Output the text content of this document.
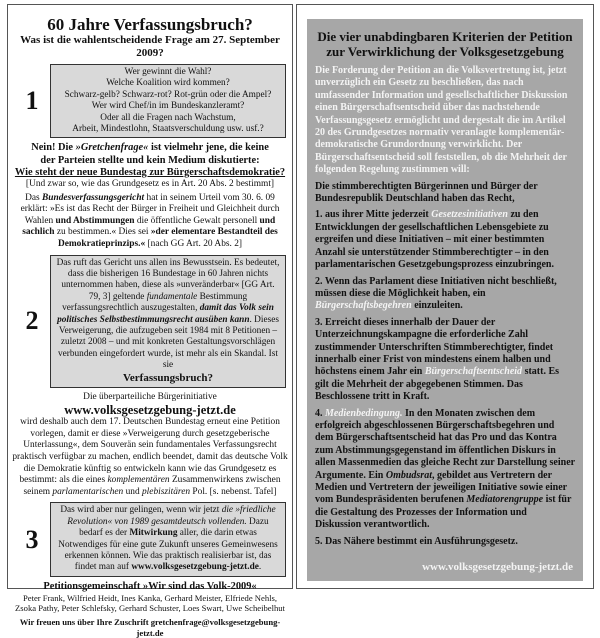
60 Jahre Verfassungsbruch?

Was ist die wahlentscheidende Frage am 27. September 2009?

1
Wer gewinnt die Wahl?
Welche Koalition wird kommen?
Schwarz-gelb? Schwarz-rot? Rot-grün oder die Ampel?
Wer wird Chef/in im Bundeskanzleramt?
Oder all die Fragen nach Wachstum,
Arbeit, Mindestlohn, Staatsverschuldung usw. usf.?

Nein! Die »Gretchenfrage« ist vielmehr jene, die keine der Parteien stellte und kein Medium diskutierte:

Wie steht der neue Bundestag zur Bürgerschaftsdemokratie?

[Und zwar so, wie das Grundgesetz es in Art. 20 Abs. 2 bestimmt]

Das Bundesverfassungsgericht hat in seinem Urteil vom 30. 6. 09 erklärt: »Es ist das Recht der Bürger in Freiheit und Gleichheit durch Wahlen und Abstimmungen die öffentliche Gewalt personell und sachlich zu bestimmen.« Dies sei »der elementare Bestandteil des Demokratieprinzips.« [nach GG Art. 20 Abs. 2]

2
Das ruft das Gericht uns allen ins Bewusstsein. Es bedeutet, dass die bisherigen 16 Bundestage in 60 Jahren nichts unternommen haben, diese als »unveränderbar« [GG Art. 79, 3] geltende fundamentale Bestimmung verfassungsrechtlich auszugestalten, damit das Volk sein politisches Selbstbestimmungsrecht ausüben kann. Dieses Verweigerung, die aufzugeben seit 1984 mit 8 Petitionen – zuletzt 2008 – und mit konkreten Gestaltungsvorschlägen verbunden eingefordert wurde, ist mehr als ein Skandal. Ist sie
Verfassungsbruch?

Die überparteiliche Bürgerinitiative

www.volksgesetzgebung-jetzt.de

wird deshalb auch dem 17. Deutschen Bundestag erneut eine Petition vorlegen, damit er diese »Verweigerung durch gesetzgeberische Unterlassung«, dem Souverän sein fundamentales Verfassungsrecht praktisch verfügbar zu machen, endlich beendet, damit das deutsche Volk die Demokratie künftig so entwickeln kann wie das Grundgesetz es bestimmt: als die eines komplementären Zusammenwirkens zwischen seinem parlamentarischen und plebiszitären Pol. [s. nebenst. Tafel]

3
Das wird aber nur gelingen, wenn wir jetzt die »friedliche Revolution« von 1989 gesamtdeutsch vollenden. Dazu bedarf es der Mitwirkung aller, die darin etwas Notwendiges für eine gute Zukunft unseres Gemeinwesens erkennen können. Wie das praktisch realisierbar ist, das findet man auf www.volksgesetzgebung-jetzt.de.

Petitionsgemeinschaft »Wir sind das Volk-2009«

Peter Frank, Wilfried Heidt, Ines Kanka, Gerhard Meister, Elfriede Nehls, Zsoka Pathy, Peter Schlefsky, Gerhard Schuster, Loes Swart, Uwe Scheibelhut

Wir freuen uns über Ihre Zuschrift gretchenfrage@volksgesetzgebung-jetzt.de

Die vier unabdingbaren Kriterien der Petition zur Verwirklichung der Volksgesetzgebung

Die Forderung der Petition an die Volksvertretung ist, jetzt unverzüglich ein Gesetz zu beschließen, das nach umfassender Information und gesellschaftlicher Diskussion einen Bürgerschaftsentscheid über das nachstehende Verfassungsgesetz ermöglicht und dergestalt die im Artikel 20 des Grundgesetzes normativ veranlagte komplementär-demokratische Grundordnung verwirklicht. Der Bürgerschaftsentscheid soll feststellen, ob die Mehrheit der folgenden Regelung zustimmen will:

Die stimmberechtigten Bürgerinnen und Bürger der Bundesrepublik Deutschland haben das Recht,

1. aus ihrer Mitte jederzeit Gesetzesinitiativen zu den Entwicklungen der gesellschaftlichen Lebensgebiete zu ergreifen und diese Initiativen – mit einer bestimmten Anzahl sie unterstützender Stimmberechtigter – in den parlamentarischen Gesetzgebungsprozess einzubringen.

2. Wenn das Parlament diese Initiativen nicht beschließt, müssen diese die Möglichkeit haben, ein Bürgerschaftsbegehren einzuleiten.

3. Erreicht dieses innerhalb der Dauer der Unterzeichnungskampagne die erforderliche Zahl zustimmender Unterschriften Stimmberechtigter, findet innerhalb einer Frist von mindestens einem halben und höchstens einem Jahr ein Bürgerschaftsentscheid statt. Es gilt die Mehrheit der abgegebenen Stimmen. Das Beschlossene tritt in Kraft.

4. Medienbedingung. In den Monaten zwischen dem erfolgreich abgeschlossenen Bürgerschaftsbegehren und dem Bürgerschaftsentscheid hat das Pro und das Kontra zum Abstimmungsgegenstand im öffentlichen Diskurs in allen Massenmedien das gleiche Recht zur Darstellung seiner Argumente. Ein Ombudsrat, gebildet aus Vertretern der Medien und Vertretern der jeweiligen Initiative sowie einer vom Bundespräsidenten berufenen Mediatorengruppe ist für die Gestaltung des Prozesses der Information und Diskussion verantwortlich.

5. Das Nähere bestimmt ein Ausführungsgesetz.

www.volksgesetzgebung-jetzt.de
